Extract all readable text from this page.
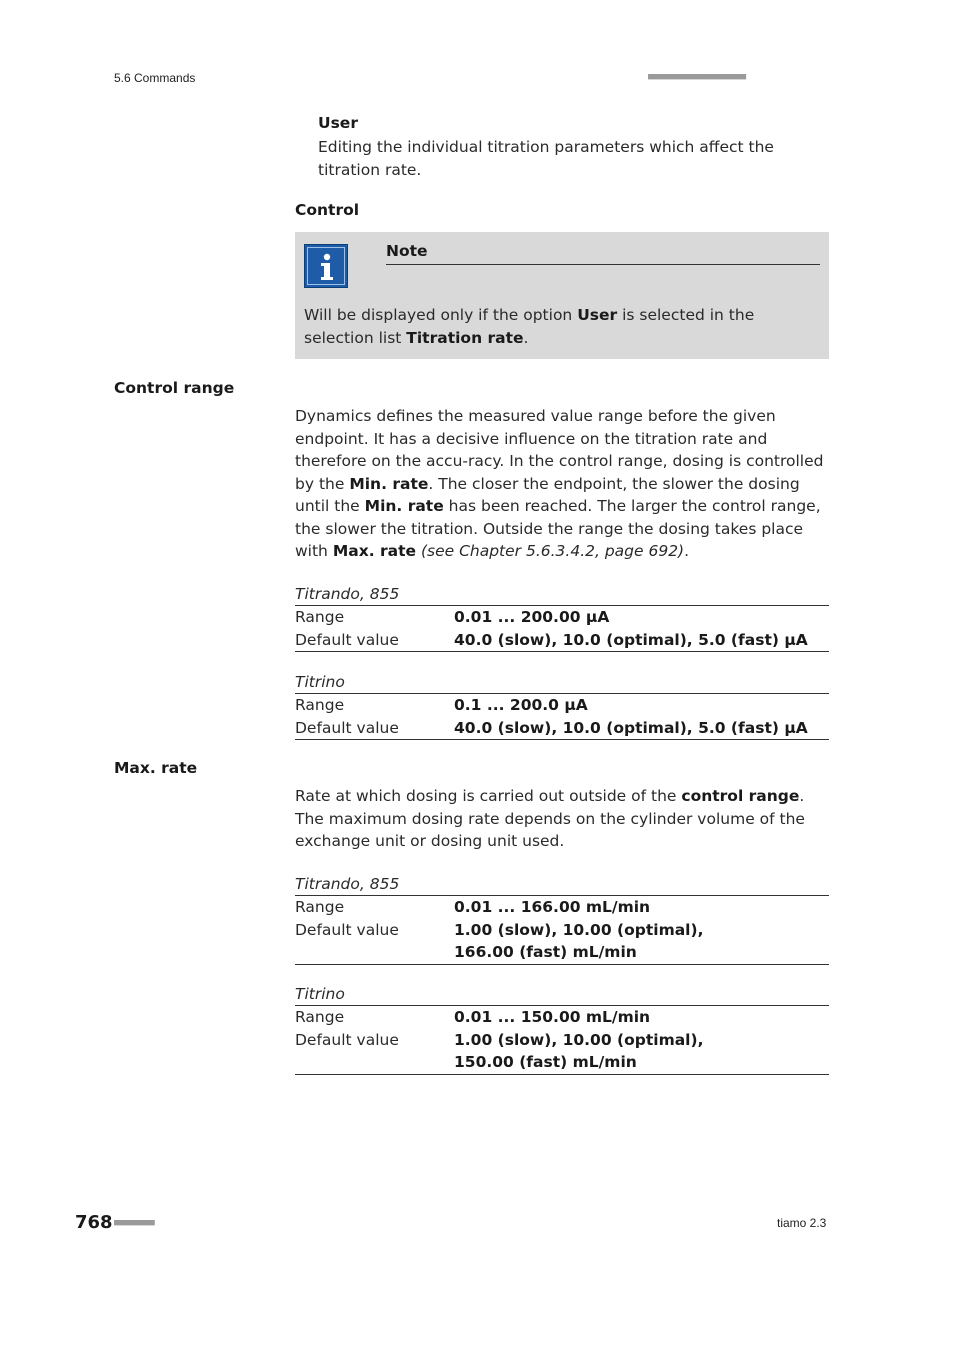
5.6 Commands	■■■■■■■■■■■■■■■■■■■■■■
User
Editing the individual titration parameters which affect the titration rate.
Control
Note
Will be displayed only if the option User is selected in the selection list Titration rate.
Control range
Dynamics defines the measured value range before the given endpoint. It has a decisive influence on the titration rate and therefore on the accu-racy. In the control range, dosing is controlled by the Min. rate. The closer the endpoint, the slower the dosing until the Min. rate has been reached. The larger the control range, the slower the titration. Outside the range the dosing takes place with Max. rate (see Chapter 5.6.3.4.2, page 692).
Titrando, 855
Range	0.01 ... 200.00 µA
Default value	40.0 (slow), 10.0 (optimal), 5.0 (fast) µA
Titrino
Range	0.1 ... 200.0 µA
Default value	40.0 (slow), 10.0 (optimal), 5.0 (fast) µA
Max. rate
Rate at which dosing is carried out outside of the control range. The maximum dosing rate depends on the cylinder volume of the exchange unit or dosing unit used.
Titrando, 855
Range	0.01 ... 166.00 mL/min
Default value	1.00 (slow), 10.00 (optimal), 166.00 (fast) mL/min
Titrino
Range	0.01 ... 150.00 mL/min
Default value	1.00 (slow), 10.00 (optimal), 150.00 (fast) mL/min
768 ■■■■■■■■■	tiamo 2.3
